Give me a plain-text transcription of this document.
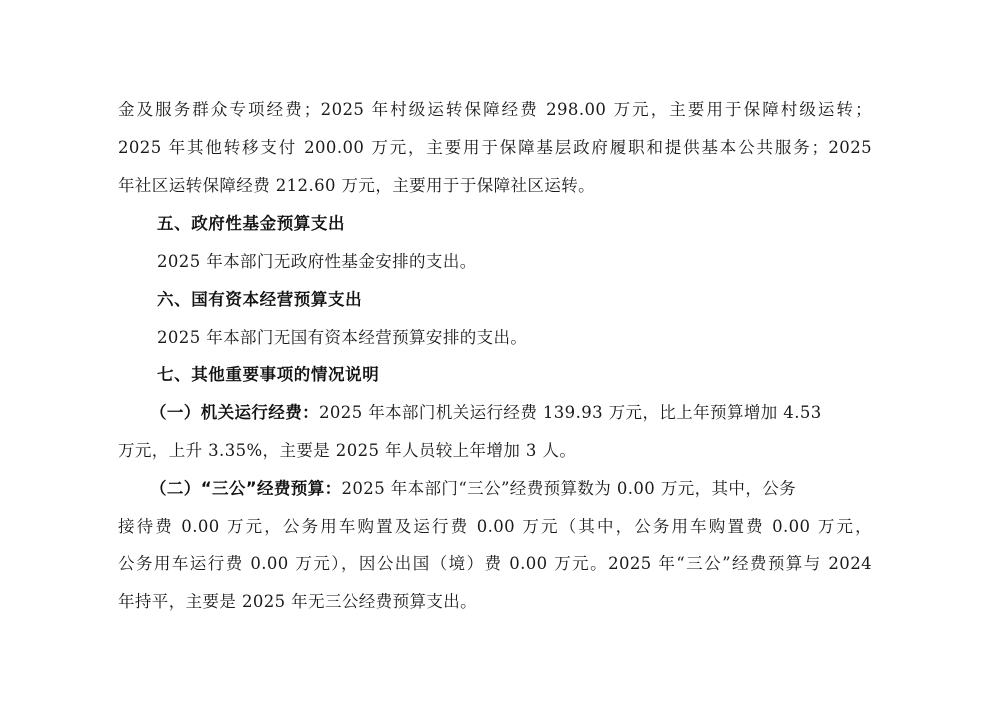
金及服务群众专项经费；2025 年村级运转保障经费 298.00 万元，主要用于保障村级运转；
2025 年其他转移支付 200.00 万元，主要用于保障基层政府履职和提供基本公共服务；2025
年社区运转保障经费 212.60 万元，主要用于于保障社区运转。
五、政府性基金预算支出
2025 年本部门无政府性基金安排的支出。
六、国有资本经营预算支出
2025 年本部门无国有资本经营预算安排的支出。
七、其他重要事项的情况说明
（一）机关运行经费：2025 年本部门机关运行经费 139.93 万元，比上年预算增加 4.53
万元，上升 3.35%，主要是 2025 年人员较上年增加 3 人。
（二）“三公”经费预算：2025 年本部门“三公”经费预算数为 0.00 万元，其中，公务
接待费 0.00 万元，公务用车购置及运行费 0.00 万元（其中，公务用车购置费 0.00 万元，
公务用车运行费 0.00 万元），因公出国（境）费 0.00 万元。2025 年“三公”经费预算与 2024
年持平，主要是 2025 年无三公经费预算支出。
